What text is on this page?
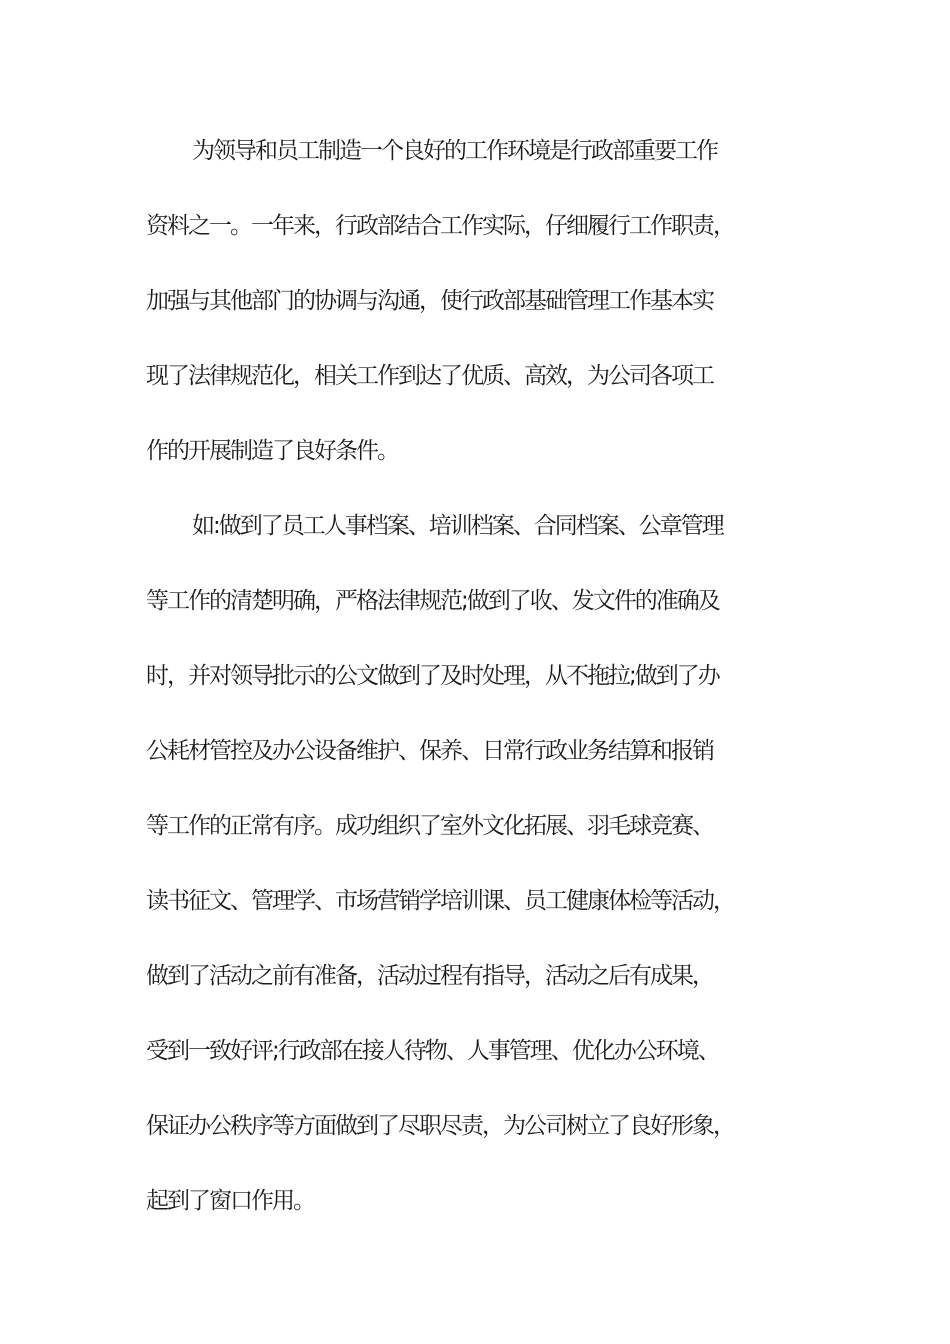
为领导和员工制造一个良好的工作环境是行政部重要工作
资料之一。一年来，行政部结合工作实际，仔细履行工作职责，
加强与其他部门的协调与沟通，使行政部基础管理工作基本实
现了法律规范化，相关工作到达了优质、高效，为公司各项工
作的开展制造了良好条件。
如:做到了员工人事档案、培训档案、合同档案、公章管理
等工作的清楚明确，严格法律规范;做到了收、发文件的准确及
时，并对领导批示的公文做到了及时处理，从不拖拉;做到了办
公耗材管控及办公设备维护、保养、日常行政业务结算和报销
等工作的正常有序。成功组织了室外文化拓展、羽毛球竞赛、
读书征文、管理学、市场营销学培训课、员工健康体检等活动，
做到了活动之前有准备，活动过程有指导，活动之后有成果，
受到一致好评;行政部在接人待物、人事管理、优化办公环境、
保证办公秩序等方面做到了尽职尽责，为公司树立了良好形象，
起到了窗口作用。
